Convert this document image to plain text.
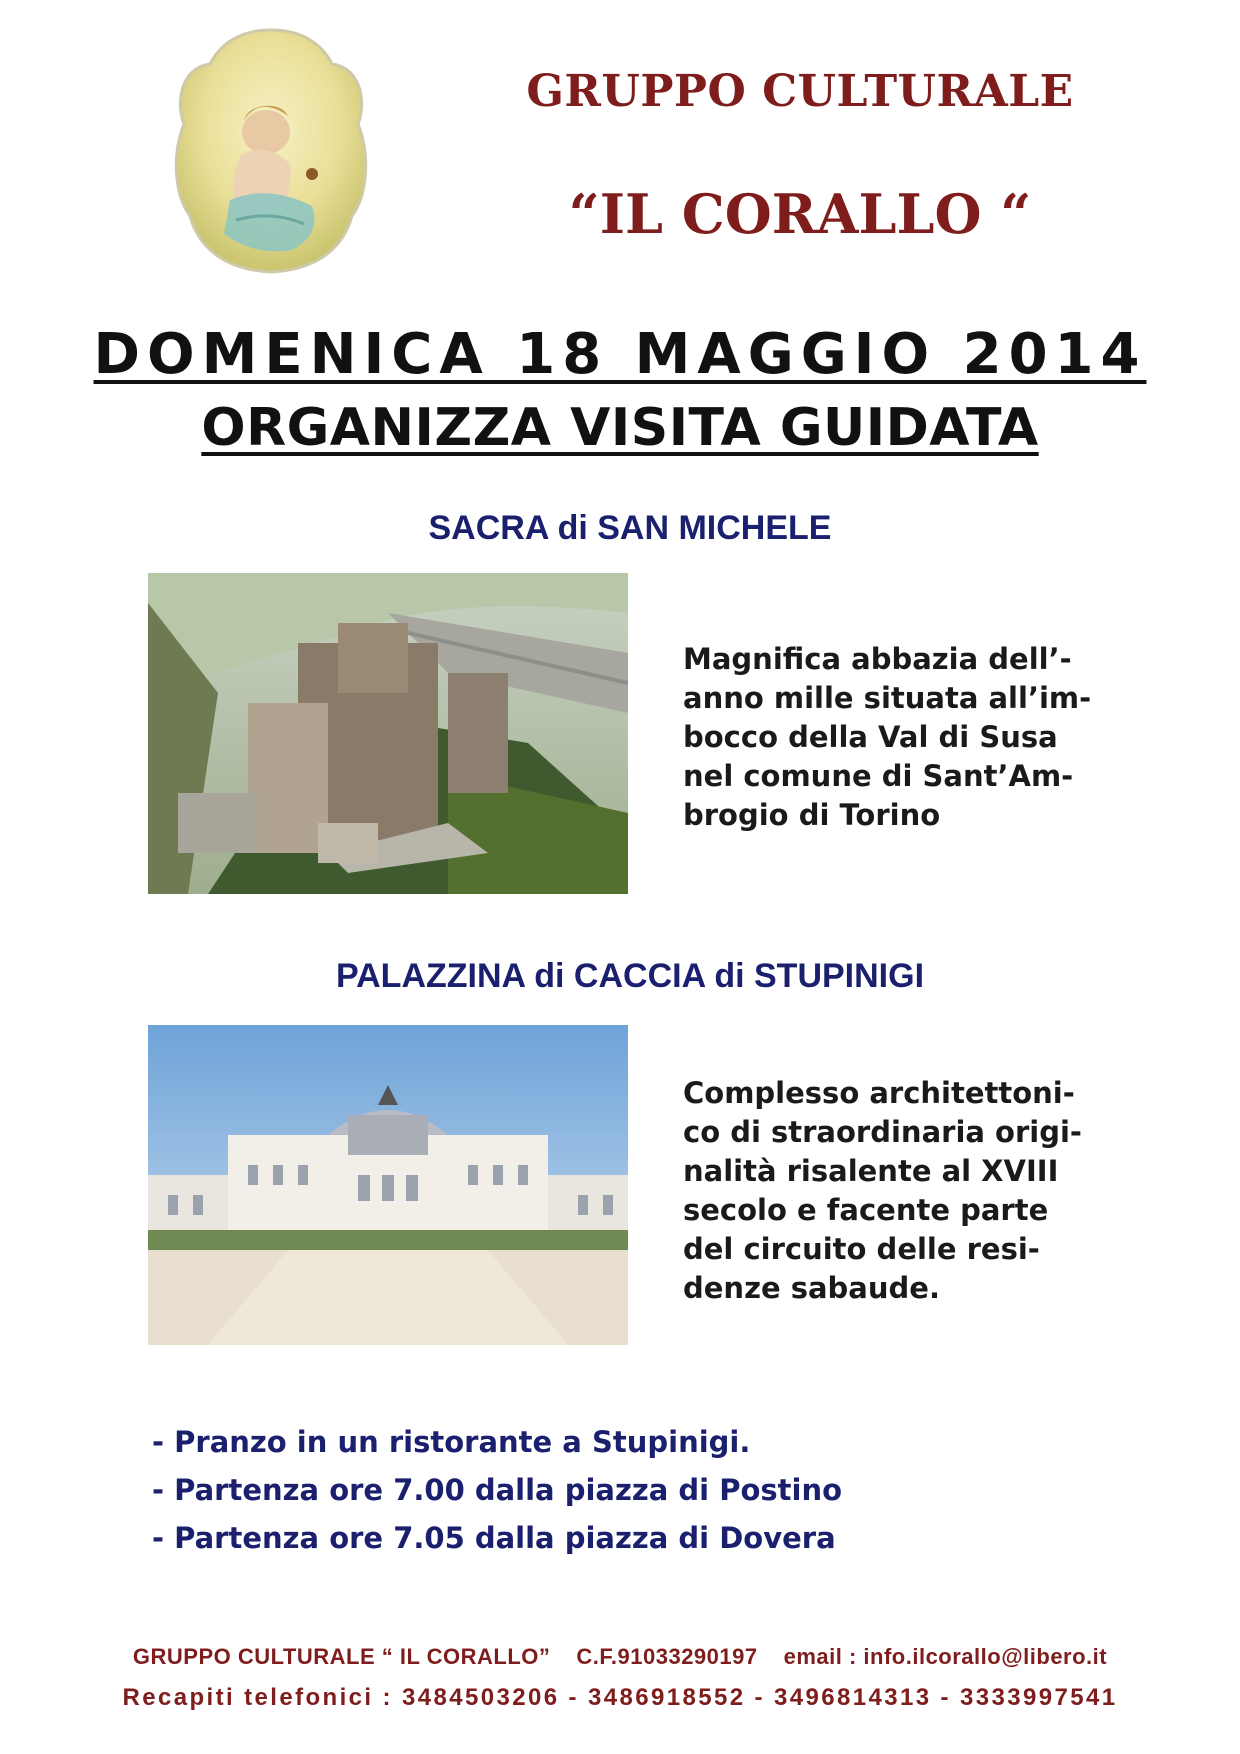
GRUPPO CULTURALE
“IL CORALLO “
DOMENICA 18 MAGGIO 2014
ORGANIZZA VISITA GUIDATA
SACRA di SAN MICHELE
Magnifica abbazia dell’-
anno mille situata all’im-
bocco della Val di Susa
nel comune di Sant’Am-
brogio di Torino
PALAZZINA di CACCIA di STUPINIGI
Complesso architettoni-
co di straordinaria origi-
nalità risalente al XVIII
secolo e facente parte
del circuito delle resi-
denze sabaude.
- Pranzo in un ristorante a Stupinigi.
- Partenza ore 7.00 dalla piazza di Postino
- Partenza ore 7.05 dalla piazza di Dovera

GRUPPO CULTURALE “ IL CORALLO” C.F.91033290197 email : info.ilcorallo@libero.it

Recapiti telefonici : 3484503206 - 3486918552 - 3496814313 - 3333997541
